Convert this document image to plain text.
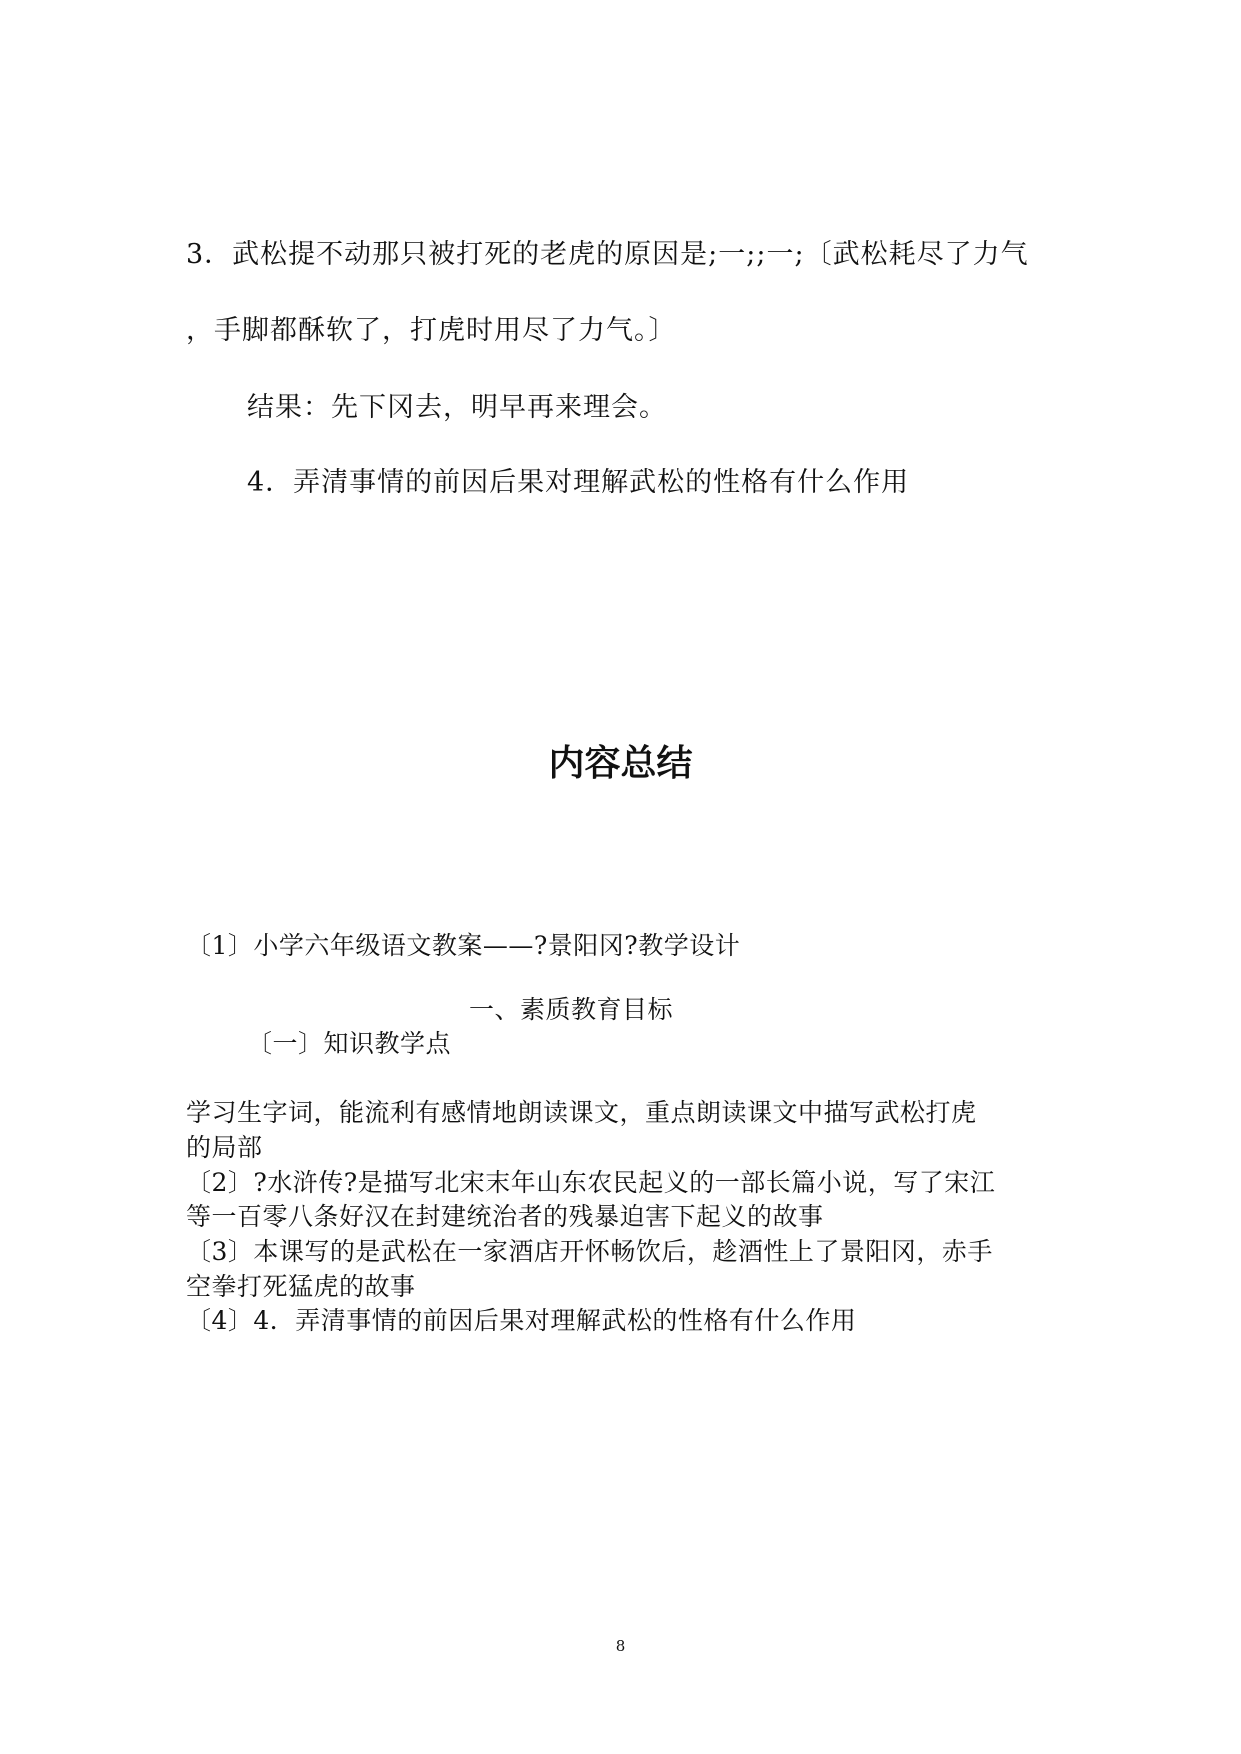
3．武松提不动那只被打死的老虎的原因是;一;;一;〔武松耗尽了力气

，手脚都酥软了，打虎时用尽了力气。〕

结果：先下冈去，明早再来理会。

4．弄清事情的前因后果对理解武松的性格有什么作用

内容总结

〔1〕小学六年级语文教案——?景阳冈?教学设计

一、素质教育目标

〔一〕知识教学点

学习生字词，能流利有感情地朗读课文，重点朗读课文中描写武松打虎

的局部

〔2〕?水浒传?是描写北宋末年山东农民起义的一部长篇小说，写了宋江

等一百零八条好汉在封建统治者的残暴迫害下起义的故事

〔3〕本课写的是武松在一家酒店开怀畅饮后，趁酒性上了景阳冈，赤手

空拳打死猛虎的故事

〔4〕4．弄清事情的前因后果对理解武松的性格有什么作用

8
